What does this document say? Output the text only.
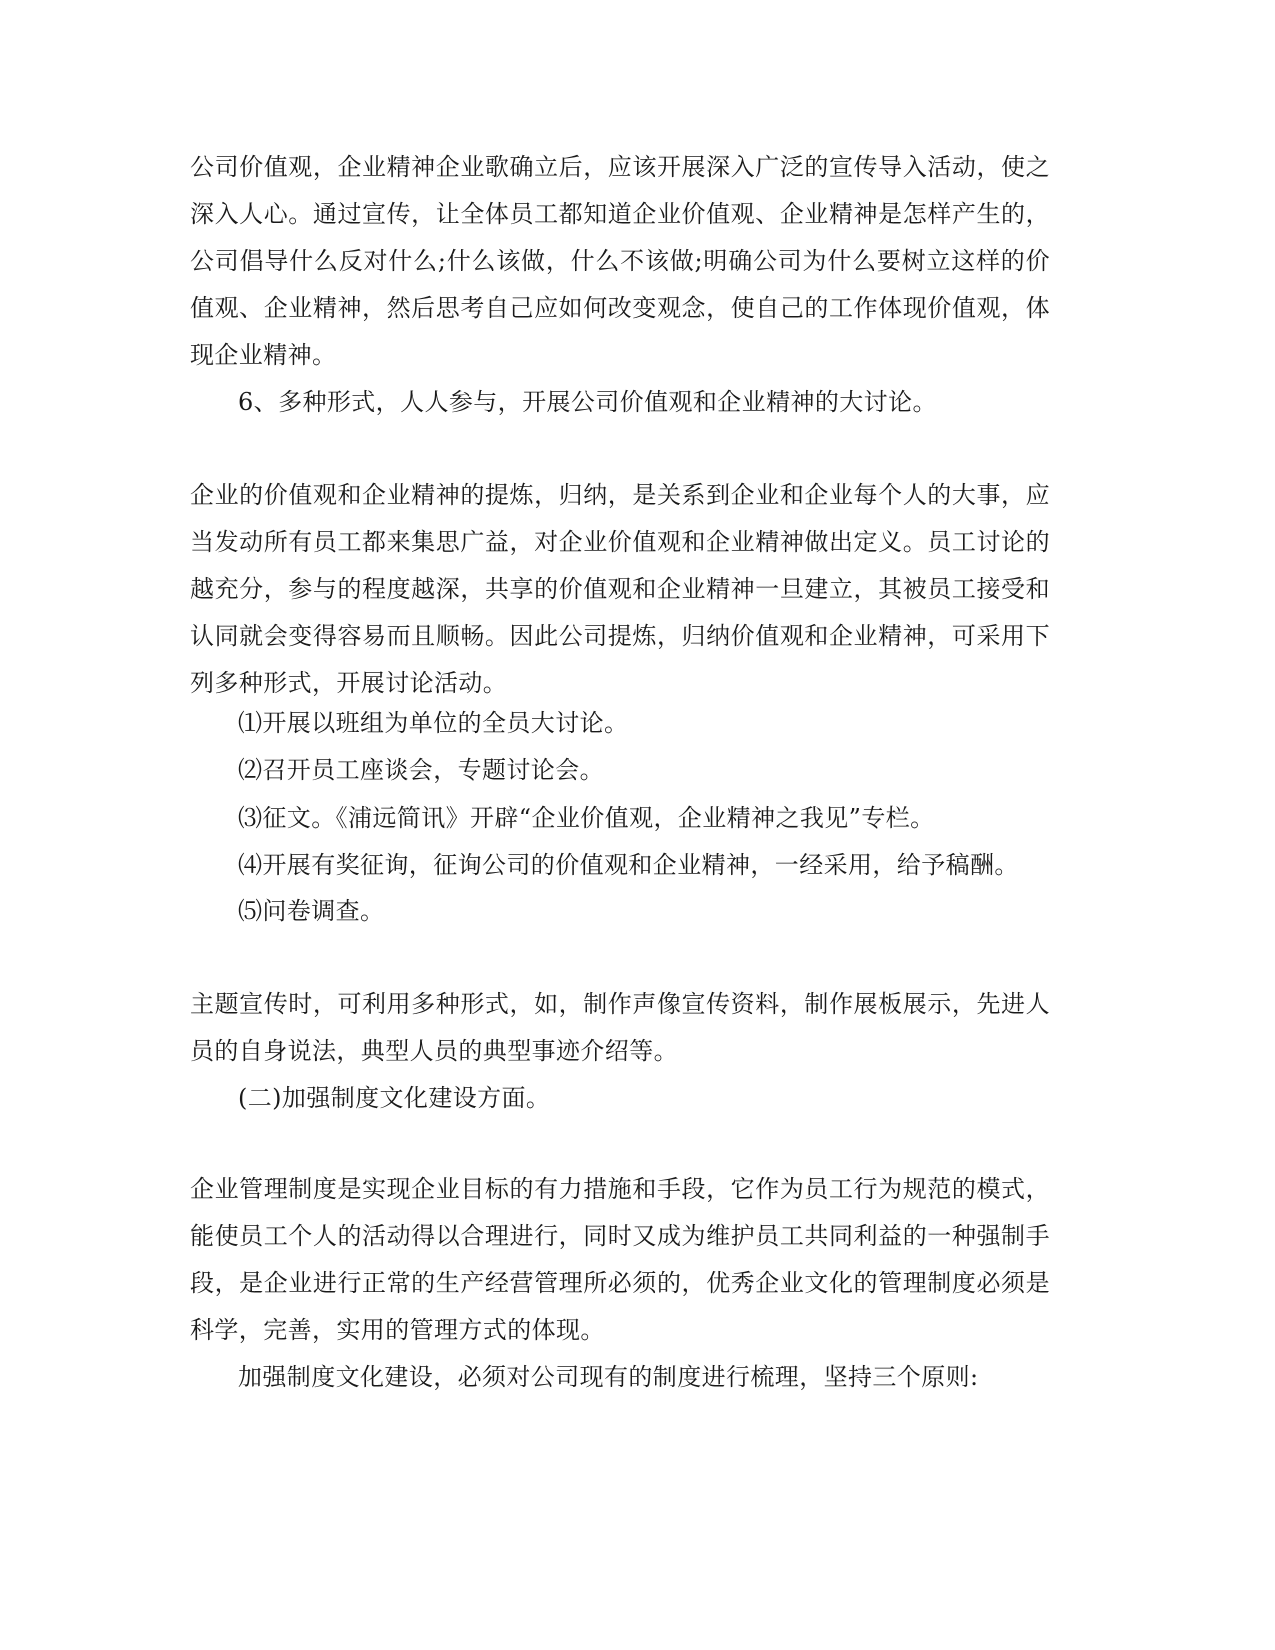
公司价值观，企业精神企业歌确立后，应该开展深入广泛的宣传导入活动，使之深入人心。通过宣传，让全体员工都知道企业价值观、企业精神是怎样产生的，公司倡导什么反对什么;什么该做，什么不该做;明确公司为什么要树立这样的价值观、企业精神，然后思考自己应如何改变观念，使自己的工作体现价值观，体现企业精神。

6、多种形式，人人参与，开展公司价值观和企业精神的大讨论。

企业的价值观和企业精神的提炼，归纳，是关系到企业和企业每个人的大事，应当发动所有员工都来集思广益，对企业价值观和企业精神做出定义。员工讨论的越充分，参与的程度越深，共享的价值观和企业精神一旦建立，其被员工接受和认同就会变得容易而且顺畅。因此公司提炼，归纳价值观和企业精神，可采用下列多种形式，开展讨论活动。

⑴开展以班组为单位的全员大讨论。

⑵召开员工座谈会，专题讨论会。

⑶征文。《浦远简讯》开辟“企业价值观，企业精神之我见”专栏。

⑷开展有奖征询，征询公司的价值观和企业精神，一经采用，给予稿酬。

⑸问卷调查。

主题宣传时，可利用多种形式，如，制作声像宣传资料，制作展板展示，先进人员的自身说法，典型人员的典型事迹介绍等。

(二)加强制度文化建设方面。

企业管理制度是实现企业目标的有力措施和手段，它作为员工行为规范的模式，能使员工个人的活动得以合理进行，同时又成为维护员工共同利益的一种强制手段，是企业进行正常的生产经营管理所必须的，优秀企业文化的管理制度必须是科学，完善，实用的管理方式的体现。

加强制度文化建设，必须对公司现有的制度进行梳理，坚持三个原则:
